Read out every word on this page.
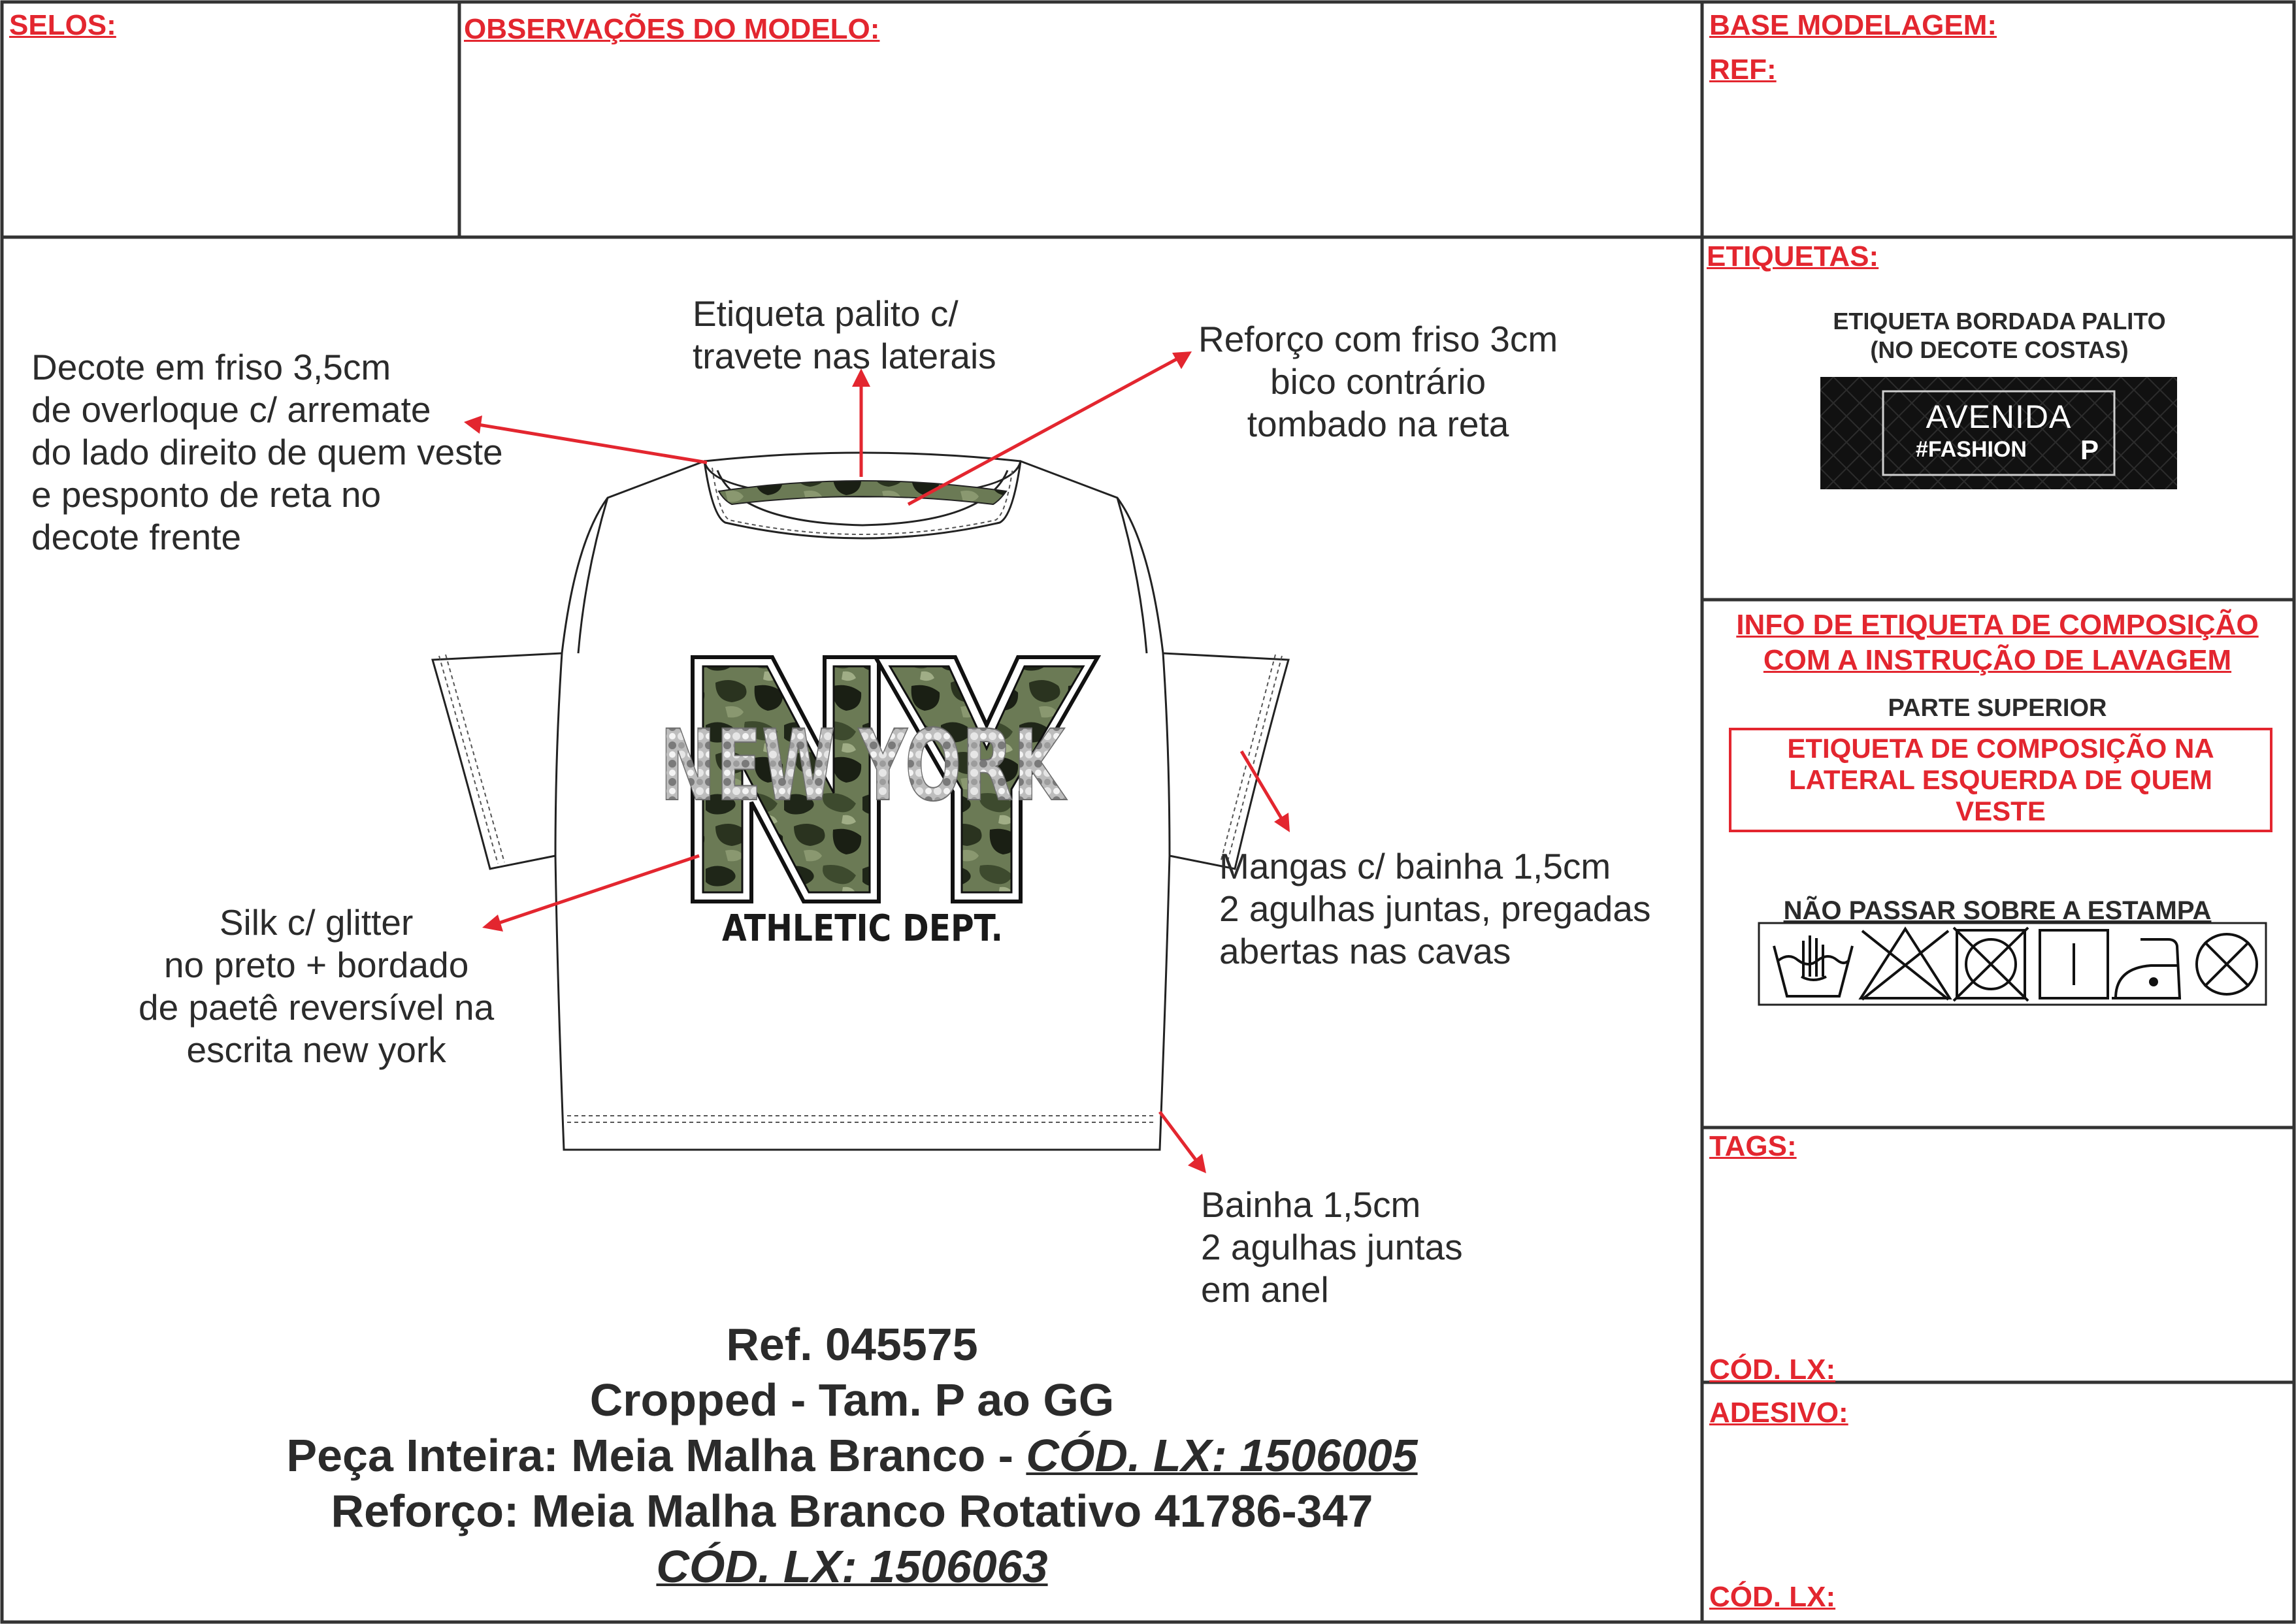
SELOS:	OBSERVAÇÕES DO MODELO:	BASE MODELAGEM:
REF:
ETIQUETAS:
ETIQUETA BORDADA PALITO
(NO DECOTE COSTAS)
AVENIDA
#FASHION P
INFO DE ETIQUETA DE COMPOSIÇÃO
COM A INSTRUÇÃO DE LAVAGEM
PARTE SUPERIOR
ETIQUETA DE COMPOSIÇÃO NA
LATERAL ESQUERDA DE QUEM
VESTE
NÃO PASSAR SOBRE A ESTAMPA
TAGS:
CÓD. LX:
ADESIVO:
CÓD. LX:
NEW YORK
ATHLETIC DEPT.
Etiqueta palito c/
travete nas laterais	Reforço com friso 3cm
bico contrário
tombado na reta
Decote em friso 3,5cm
de overloque c/ arremate
do lado direito de quem veste
e pesponto de reta no
decote frente
Silk c/ glitter
no preto + bordado
de paetê reversível na
escrita new york
Mangas c/ bainha 1,5cm
2 agulhas juntas, pregadas
abertas nas cavas
Bainha 1,5cm
2 agulhas juntas
em anel
Ref. 045575
Cropped - Tam. P ao GG
Peça Inteira: Meia Malha Branco - CÓD. LX: 1506005
Reforço: Meia Malha Branco Rotativo 41786-347
CÓD. LX: 1506063
